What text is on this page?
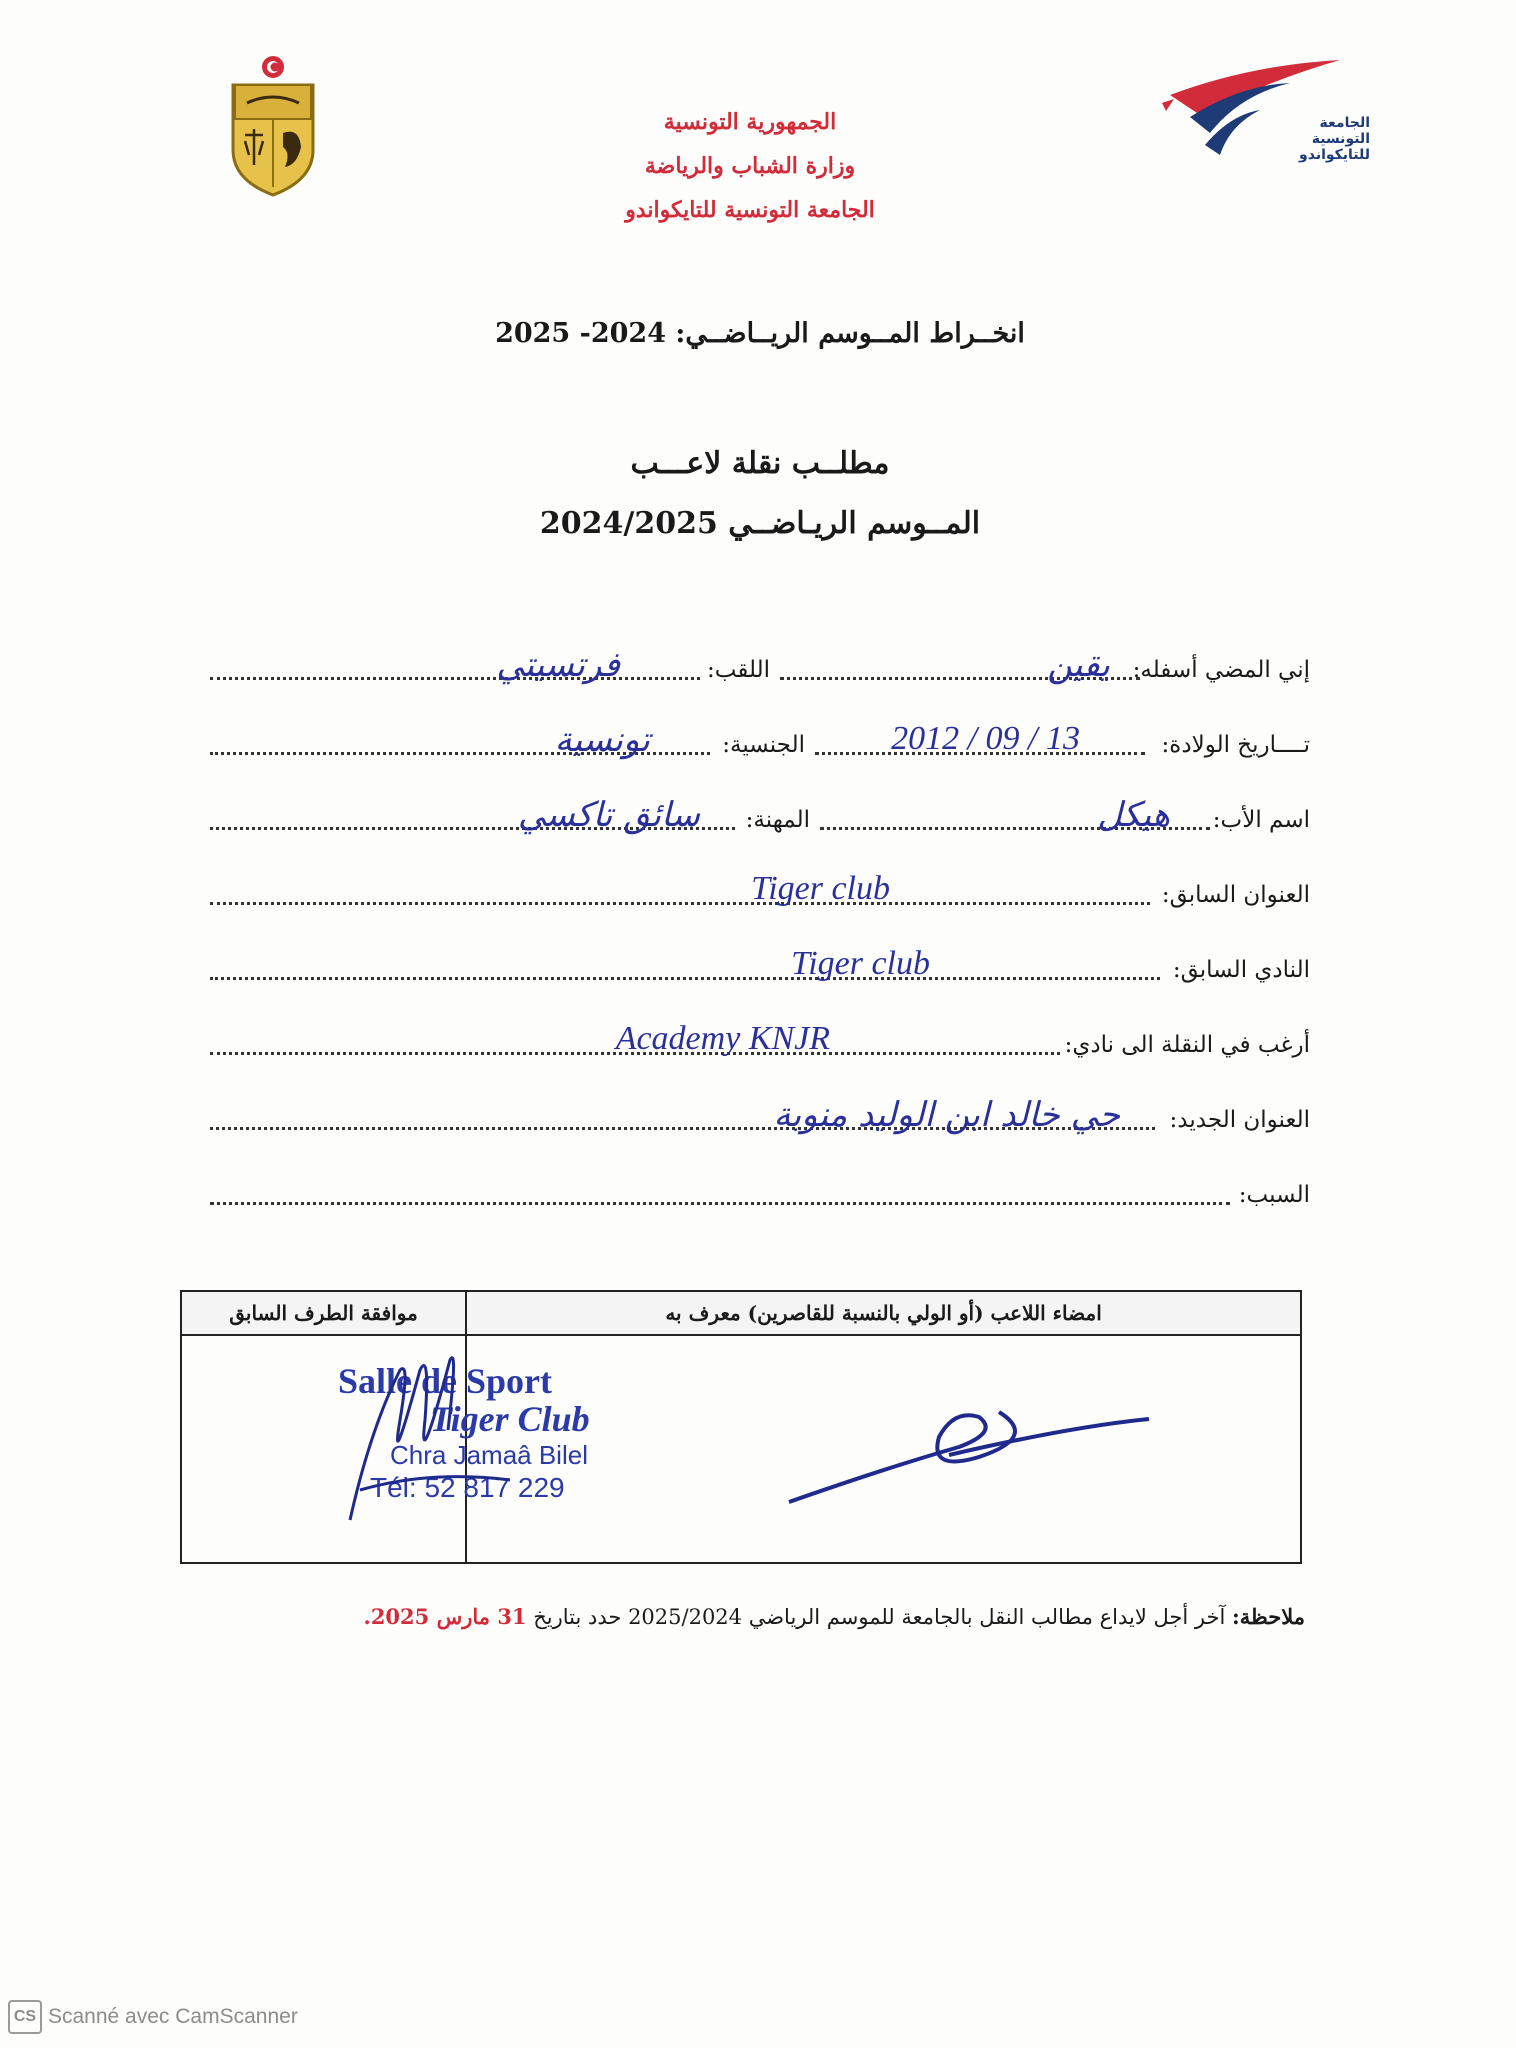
الجمهورية التونسية
وزارة الشباب والرياضة
الجامعة التونسية للتايكواندو
الجامعة
التونسية
للتايكواندو
انخــراط المــوسم الريــاضــي: 2024- 2025
مطلــب نقلة لاعـــب
المــوسم الريـاضــي 2024/2025
إني المضي أسفله:
يقين
اللقب:
فرتسيتي
تــــاريخ الولادة:
2012 / 09 / 13
الجنسية:
تونسية
اسم الأب:
هيكل
المهنة:
سائق تاكسي
العنوان السابق:
Tiger club
النادي السابق:
Tiger club
أرغب في النقلة الى نادي:
Academy KNJR
العنوان الجديد:
حي خالد ابن الوليد منوبة
السبب:
امضاء اللاعب (أو الولي بالنسبة للقاصرين) معرف به	موافقة الطرف السابق

Salle de Sport
Tiger Club
Chra Jamaâ Bilel
Tél: 52 817 229
ملاحظة: آخر أجل لايداع مطالب النقل بالجامعة للموسم الرياضي 2025/2024 حدد بتاريخ 31 مارس 2025.
CS Scanné avec CamScanner
